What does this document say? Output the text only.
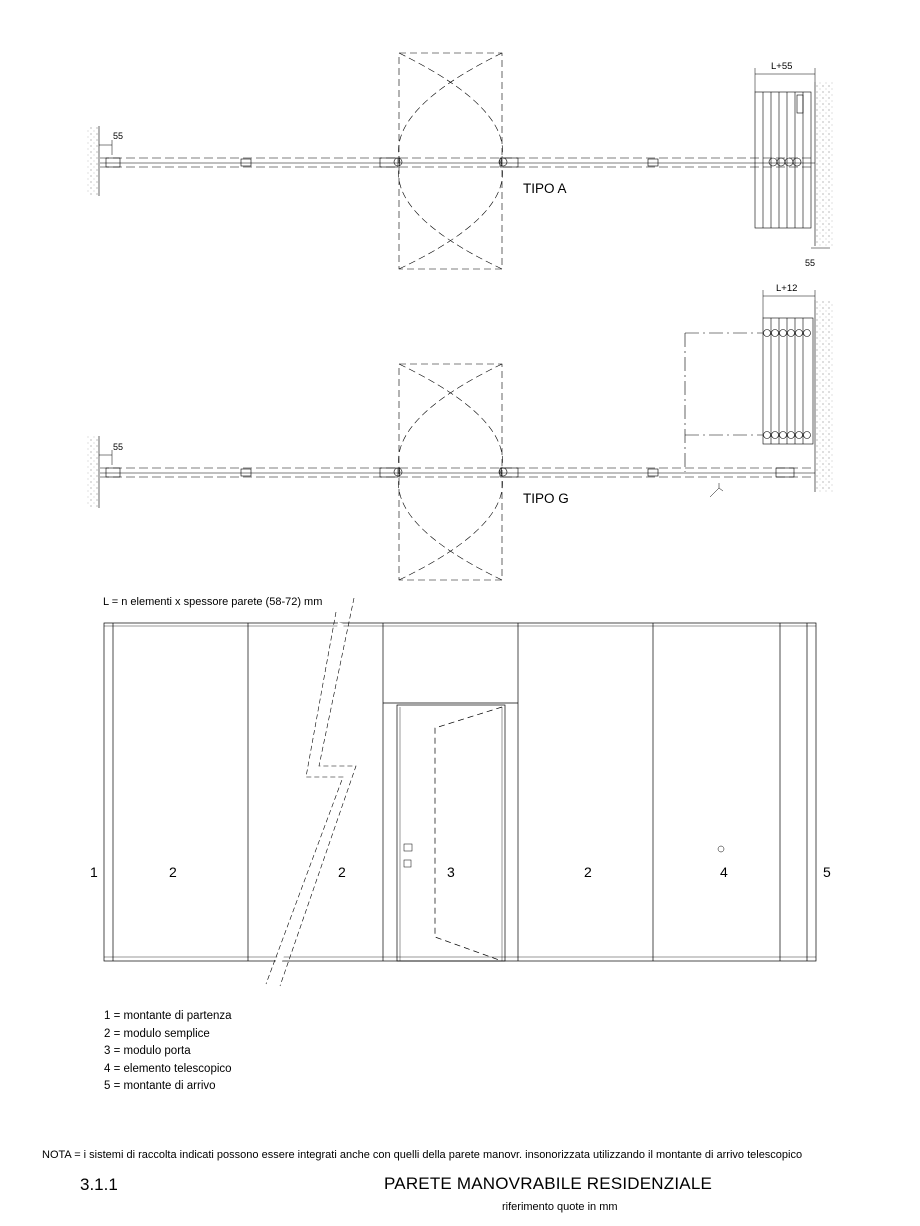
55
L+55
55
TIPO A
55
L+12
TIPO G
L = n elementi x spessore parete (58-72) mm
1	2	2	3	2	4	5
1 = montante di partenza
2 = modulo semplice
3 = modulo porta
4 = elemento telescopico
5 = montante di arrivo
NOTA = i sistemi di raccolta indicati possono essere integrati anche con quelli della parete manovr. insonorizzata utilizzando il montante di arrivo telescopico
3.1.1	PARETE MANOVRABILE RESIDENZIALE
riferimento quote in mm
